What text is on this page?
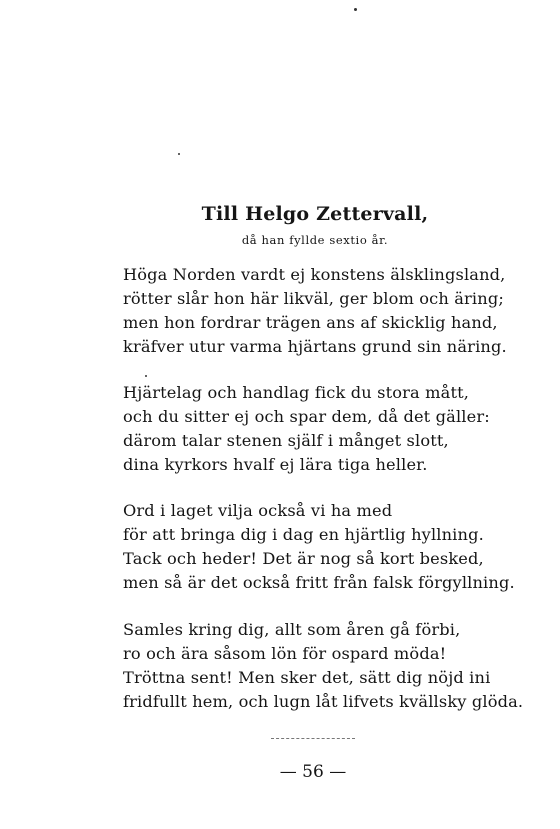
Till Helgo Zettervall,
då han fyllde sextio år.
Höga Norden vardt ej konstens älsklingsland,
rötter slår hon här likväl, ger blom och äring;
men hon fordrar trägen ans af skicklig hand,
kräfver utur varma hjärtans grund sin näring.
Hjärtelag och handlag fick du stora mått,
och du sitter ej och spar dem, då det gäller:
därom talar stenen själf i månget slott,
dina kyrkors hvalf ej lära tiga heller.
Ord i laget vilja också vi ha med
för att bringa dig i dag en hjärtlig hyllning.
Tack och heder! Det är nog så kort besked,
men så är det också fritt från falsk förgyllning.
Samles kring dig, allt som åren gå förbi,
ro och ära såsom lön för ospard möda!
Tröttna sent! Men sker det, sätt dig nöjd ini
fridfullt hem, och lugn låt lifvets kvällsky glöda.
— 56 —
